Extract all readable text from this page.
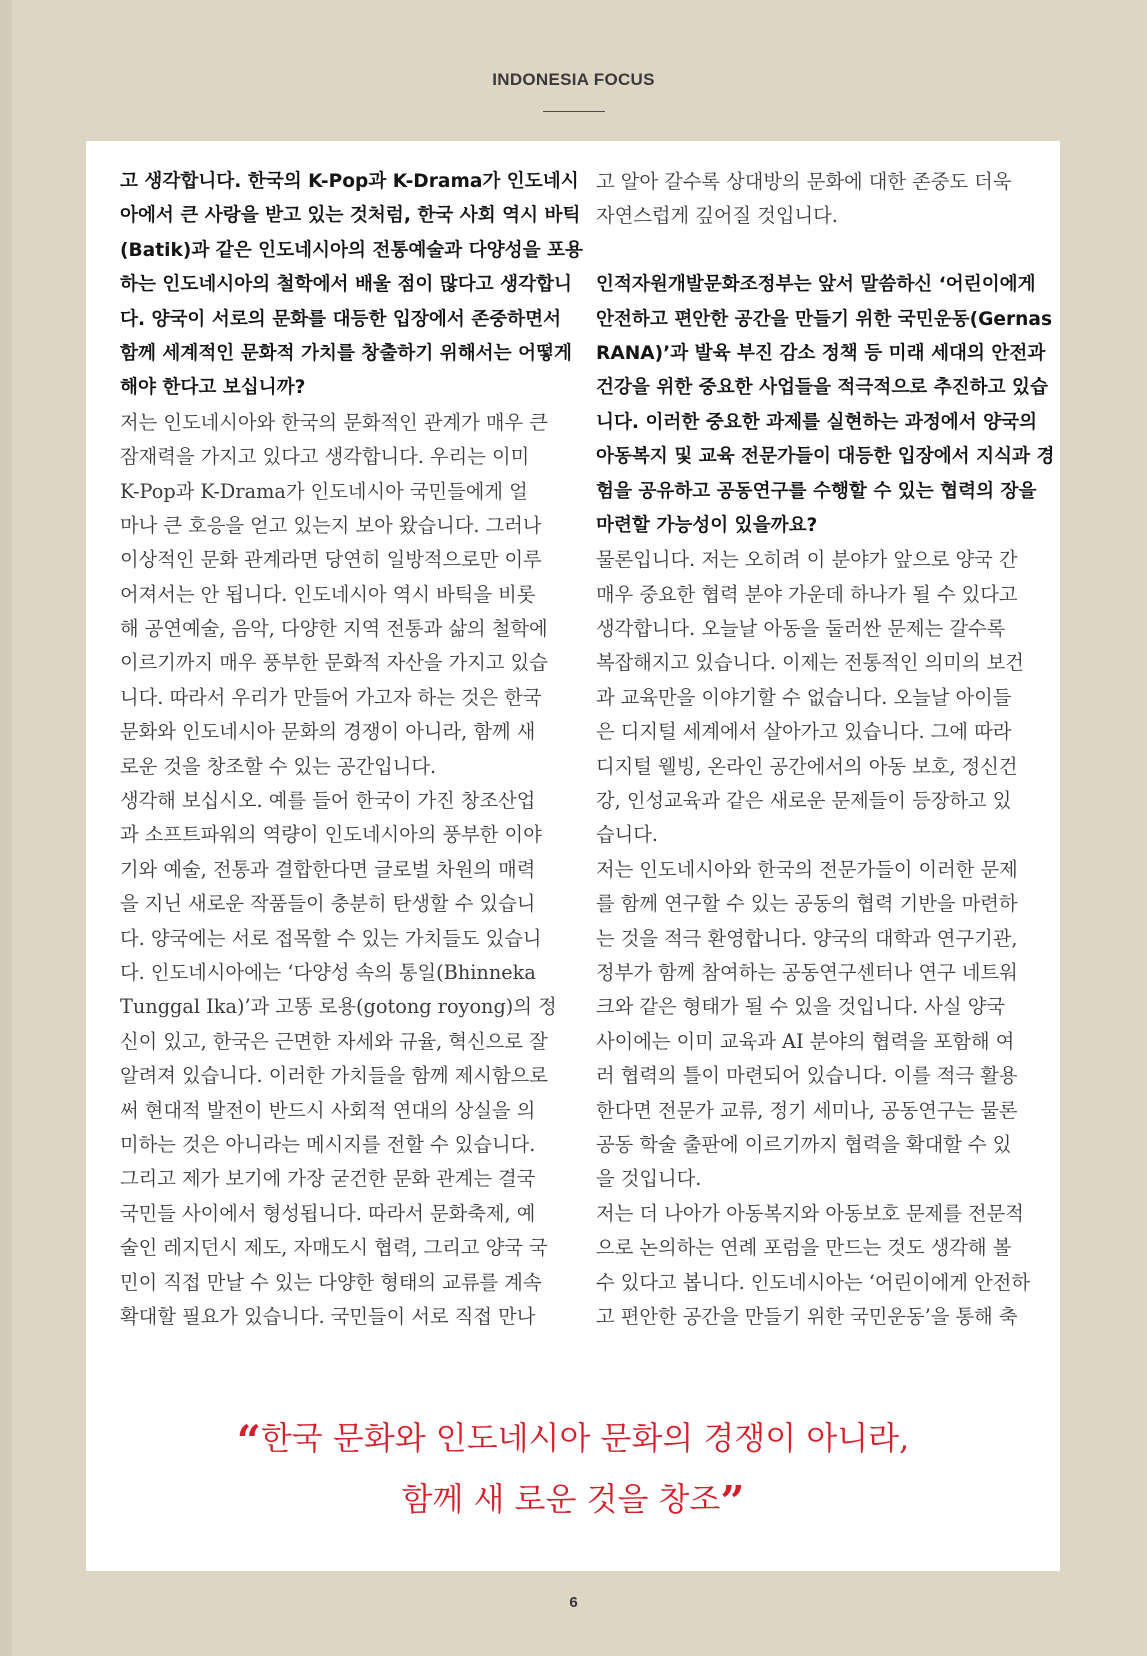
INDONESIA FOCUS
고 생각합니다. 한국의 K-Pop과 K-Drama가 인도네시
아에서 큰 사랑을 받고 있는 것처럼, 한국 사회 역시 바틱
(Batik)과 같은 인도네시아의 전통예술과 다양성을 포용
하는 인도네시아의 철학에서 배울 점이 많다고 생각합니
다. 양국이 서로의 문화를 대등한 입장에서 존중하면서
함께 세계적인 문화적 가치를 창출하기 위해서는 어떻게
해야 한다고 보십니까?
저는 인도네시아와 한국의 문화적인 관계가 매우 큰
잠재력을 가지고 있다고 생각합니다. 우리는 이미
K-Pop과 K-Drama가 인도네시아 국민들에게 얼
마나 큰 호응을 얻고 있는지 보아 왔습니다. 그러나
이상적인 문화 관계라면 당연히 일방적으로만 이루
어져서는 안 됩니다. 인도네시아 역시 바틱을 비롯
해 공연예술, 음악, 다양한 지역 전통과 삶의 철학에
이르기까지 매우 풍부한 문화적 자산을 가지고 있습
니다. 따라서 우리가 만들어 가고자 하는 것은 한국
문화와 인도네시아 문화의 경쟁이 아니라, 함께 새
로운 것을 창조할 수 있는 공간입니다.
생각해 보십시오. 예를 들어 한국이 가진 창조산업
과 소프트파워의 역량이 인도네시아의 풍부한 이야
기와 예술, 전통과 결합한다면 글로벌 차원의 매력
을 지닌 새로운 작품들이 충분히 탄생할 수 있습니
다. 양국에는 서로 접목할 수 있는 가치들도 있습니
다. 인도네시아에는 ‘다양성 속의 통일(Bhinneka
Tunggal Ika)’과 고똥 로용(gotong royong)의 정
신이 있고, 한국은 근면한 자세와 규율, 혁신으로 잘
알려져 있습니다. 이러한 가치들을 함께 제시함으로
써 현대적 발전이 반드시 사회적 연대의 상실을 의
미하는 것은 아니라는 메시지를 전할 수 있습니다.
그리고 제가 보기에 가장 굳건한 문화 관계는 결국
국민들 사이에서 형성됩니다. 따라서 문화축제, 예
술인 레지던시 제도, 자매도시 협력, 그리고 양국 국
민이 직접 만날 수 있는 다양한 형태의 교류를 계속
확대할 필요가 있습니다. 국민들이 서로 직접 만나
고 알아 갈수록 상대방의 문화에 대한 존중도 더욱
자연스럽게 깊어질 것입니다.
인적자원개발문화조정부는 앞서 말씀하신 ‘어린이에게
안전하고 편안한 공간을 만들기 위한 국민운동(Gernas
RANA)’과 발육 부진 감소 정책 등 미래 세대의 안전과
건강을 위한 중요한 사업들을 적극적으로 추진하고 있습
니다. 이러한 중요한 과제를 실현하는 과정에서 양국의
아동복지 및 교육 전문가들이 대등한 입장에서 지식과 경
험을 공유하고 공동연구를 수행할 수 있는 협력의 장을
마련할 가능성이 있을까요?
물론입니다. 저는 오히려 이 분야가 앞으로 양국 간
매우 중요한 협력 분야 가운데 하나가 될 수 있다고
생각합니다. 오늘날 아동을 둘러싼 문제는 갈수록
복잡해지고 있습니다. 이제는 전통적인 의미의 보건
과 교육만을 이야기할 수 없습니다. 오늘날 아이들
은 디지털 세계에서 살아가고 있습니다. 그에 따라
디지털 웰빙, 온라인 공간에서의 아동 보호, 정신건
강, 인성교육과 같은 새로운 문제들이 등장하고 있
습니다.
저는 인도네시아와 한국의 전문가들이 이러한 문제
를 함께 연구할 수 있는 공동의 협력 기반을 마련하
는 것을 적극 환영합니다. 양국의 대학과 연구기관,
정부가 함께 참여하는 공동연구센터나 연구 네트워
크와 같은 형태가 될 수 있을 것입니다. 사실 양국
사이에는 이미 교육과 AI 분야의 협력을 포함해 여
러 협력의 틀이 마련되어 있습니다. 이를 적극 활용
한다면 전문가 교류, 정기 세미나, 공동연구는 물론
공동 학술 출판에 이르기까지 협력을 확대할 수 있
을 것입니다.
저는 더 나아가 아동복지와 아동보호 문제를 전문적
으로 논의하는 연례 포럼을 만드는 것도 생각해 볼
수 있다고 봅니다. 인도네시아는 ‘어린이에게 안전하
고 편안한 공간을 만들기 위한 국민운동’을 통해 축
“한국 문화와 인도네시아 문화의 경쟁이 아니라,
함께 새 로운 것을 창조”
6
